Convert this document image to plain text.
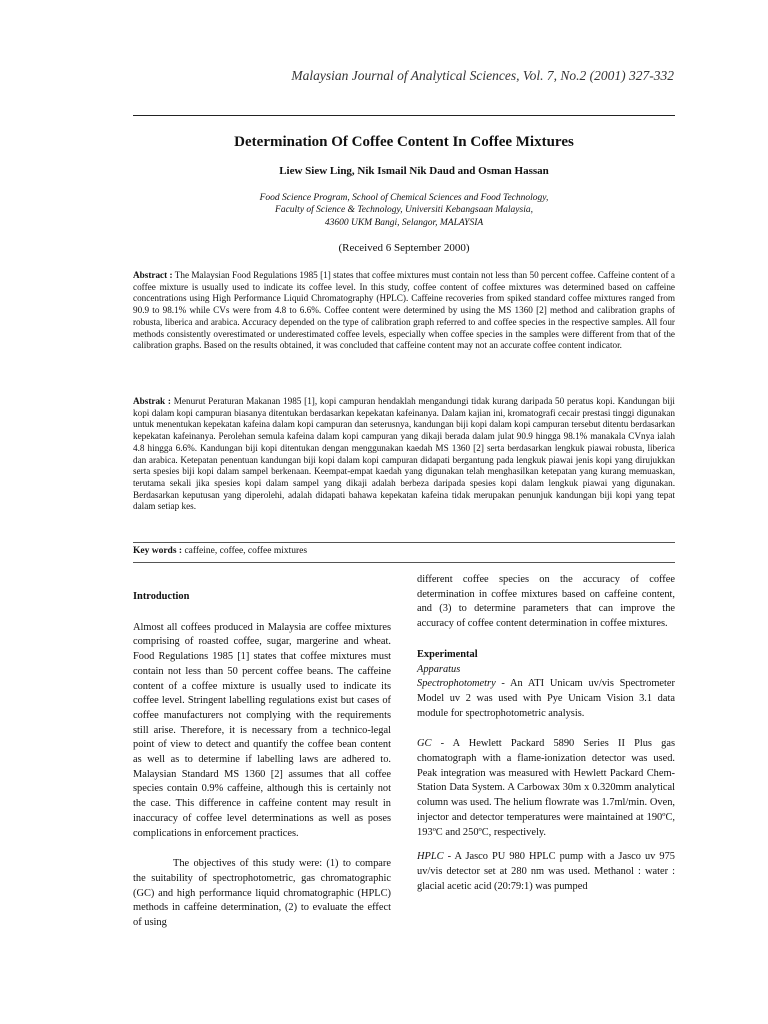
Malaysian Journal of Analytical Sciences, Vol. 7, No.2 (2001) 327-332
Determination Of Coffee Content In Coffee Mixtures
Liew Siew Ling, Nik Ismail Nik Daud and Osman Hassan
Food Science Program, School of Chemical Sciences and Food Technology,
Faculty of Science & Technology, Universiti Kebangsaan Malaysia,
43600 UKM Bangi, Selangor, MALAYSIA
(Received 6 September 2000)
Abstract : The Malaysian Food Regulations 1985 [1] states that coffee mixtures must contain not less than 50 percent coffee. Caffeine content of a coffee mixture is usually used to indicate its coffee level. In this study, coffee content of coffee mixtures was determined based on caffeine concentrations using High Performance Liquid Chromatography (HPLC). Caffeine recoveries from spiked standard coffee mixtures ranged from 90.9 to 98.1% while CVs were from 4.8 to 6.6%. Coffee content were determined by using the MS 1360 [2] method and calibration graphs of robusta, liberica and arabica. Accuracy depended on the type of calibration graph referred to and coffee species in the respective samples. All four methods consistently overestimated or underestimated coffee levels, especially when coffee species in the samples were different from that of the calibration graphs. Based on the results obtained, it was concluded that caffeine content may not an accurate coffee content indicator.
Abstrak : Menurut Peraturan Makanan 1985 [1], kopi campuran hendaklah mengandungi tidak kurang daripada 50 peratus kopi. Kandungan biji kopi dalam kopi campuran biasanya ditentukan berdasarkan kepekatan kafeinanya. Dalam kajian ini, kromatografi cecair prestasi tinggi digunakan untuk menentukan kepekatan kafeina dalam kopi campuran dan seterusnya, kandungan biji kopi dalam kopi campuran tersebut ditentu berdasarkan kepekatan kafeinanya. Perolehan semula kafeina dalam kopi campuran yang dikaji berada dalam julat 90.9 hingga 98.1% manakala CVnya ialah 4.8 hingga 6.6%. Kandungan biji kopi ditentukan dengan menggunakan kaedah MS 1360 [2] serta berdasarkan lengkuk piawai robusta, liberica dan arabica. Ketepatan penentuan kandungan biji kopi dalam kopi campuran didapati bergantung pada lengkuk piawai jenis kopi yang dirujukkan serta spesies biji kopi dalam sampel berkenaan. Keempat-empat kaedah yang digunakan telah menghasilkan ketepatan yang kurang memuaskan, terutama sekali jika spesies kopi dalam sampel yang dikaji adalah berbeza daripada spesies kopi dalam lengkuk piawai yang digunakan. Berdasarkan keputusan yang diperolehi, adalah didapati bahawa kepekatan kafeina tidak merupakan penunjuk kandungan biji kopi yang tepat dalam setiap kes.
Key words : caffeine, coffee, coffee mixtures

Introduction

Almost all coffees produced in Malaysia are coffee mixtures comprising of roasted coffee, sugar, margerine and wheat. Food Regulations 1985 [1] states that coffee mixtures must contain not less than 50 percent coffee beans. The caffeine content of a coffee mixture is usually used to indicate its coffee level. Stringent labelling regulations exist but cases of coffee manufacturers not complying with the requirements still arise. Therefore, it is necessary from a technico-legal point of view to detect and quantify the coffee bean content as well as to determine if labelling laws are adhered to. Malaysian Standard MS 1360 [2] assumes that all coffee species contain 0.9% caffeine, although this is certainly not the case. This difference in caffeine content may result in inaccuracy of coffee level determinations as well as poses complications in enforcement practices.

The objectives of this study were: (1) to compare the suitability of spectrophotometric, gas chromatographic (GC) and high performance liquid chromatographic (HPLC) methods in caffeine determination, (2) to evaluate the effect of using

different coffee species on the accuracy of coffee determination in coffee mixtures based on caffeine content, and (3) to determine parameters that can improve the accuracy of coffee content determination in coffee mixtures.

Experimental

Apparatus

Spectrophotometry - An ATI Unicam uv/vis Spectrometer Model uv 2 was used with Pye Unicam Vision 3.1 data module for spectrophotometric analysis.

GC - A Hewlett Packard 5890 Series II Plus gas chomatograph with a flame-ionization detector was used. Peak integration was measured with Hewlett Packard Chem-Station Data System. A Carbowax 30m x 0.320mm analytical column was used. The helium flowrate was 1.7ml/min. Oven, injector and detector temperatures were maintained at 190ºC, 193ºC and 250ºC, respectively.

HPLC - A Jasco PU 980 HPLC pump with a Jasco uv 975 uv/vis detector set at 280 nm was used. Methanol : water : glacial acetic acid (20:79:1) was pumped
